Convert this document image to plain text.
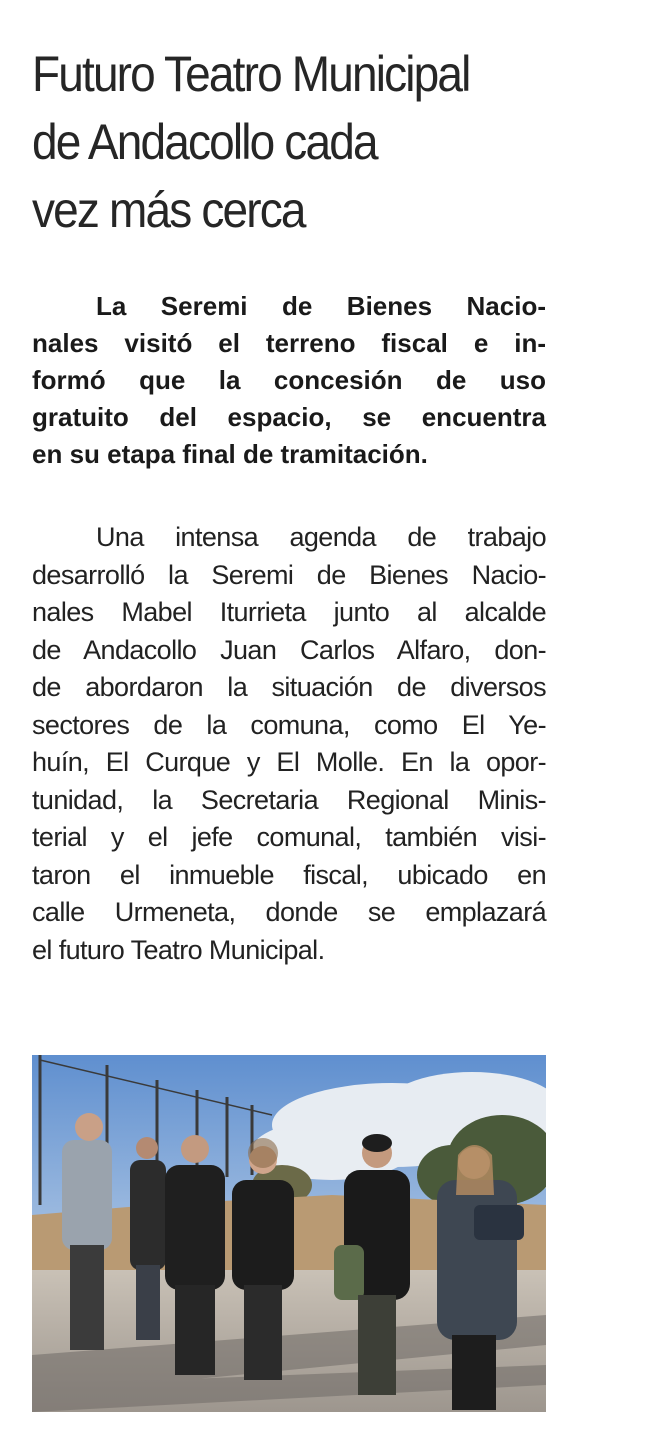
Futuro Teatro Municipal
de Andacollo cada
vez más cerca

La Seremi de Bienes Nacio-
nales visitó el terreno fiscal e in-
formó que la concesión de uso
gratuito del espacio, se encuentra
en su etapa final de tramitación.

Una intensa agenda de trabajo
desarrolló la Seremi de Bienes Nacio-
nales Mabel Iturrieta junto al alcalde
de Andacollo Juan Carlos Alfaro, don-
de abordaron la situación de diversos
sectores de la comuna, como El Ye-
huín, El Curque y El Molle. En la opor-
tunidad, la Secretaria Regional Minis-
terial y el jefe comunal, también visi-
taron el inmueble fiscal, ubicado en
calle Urmeneta, donde se emplazará
el futuro Teatro Municipal.
